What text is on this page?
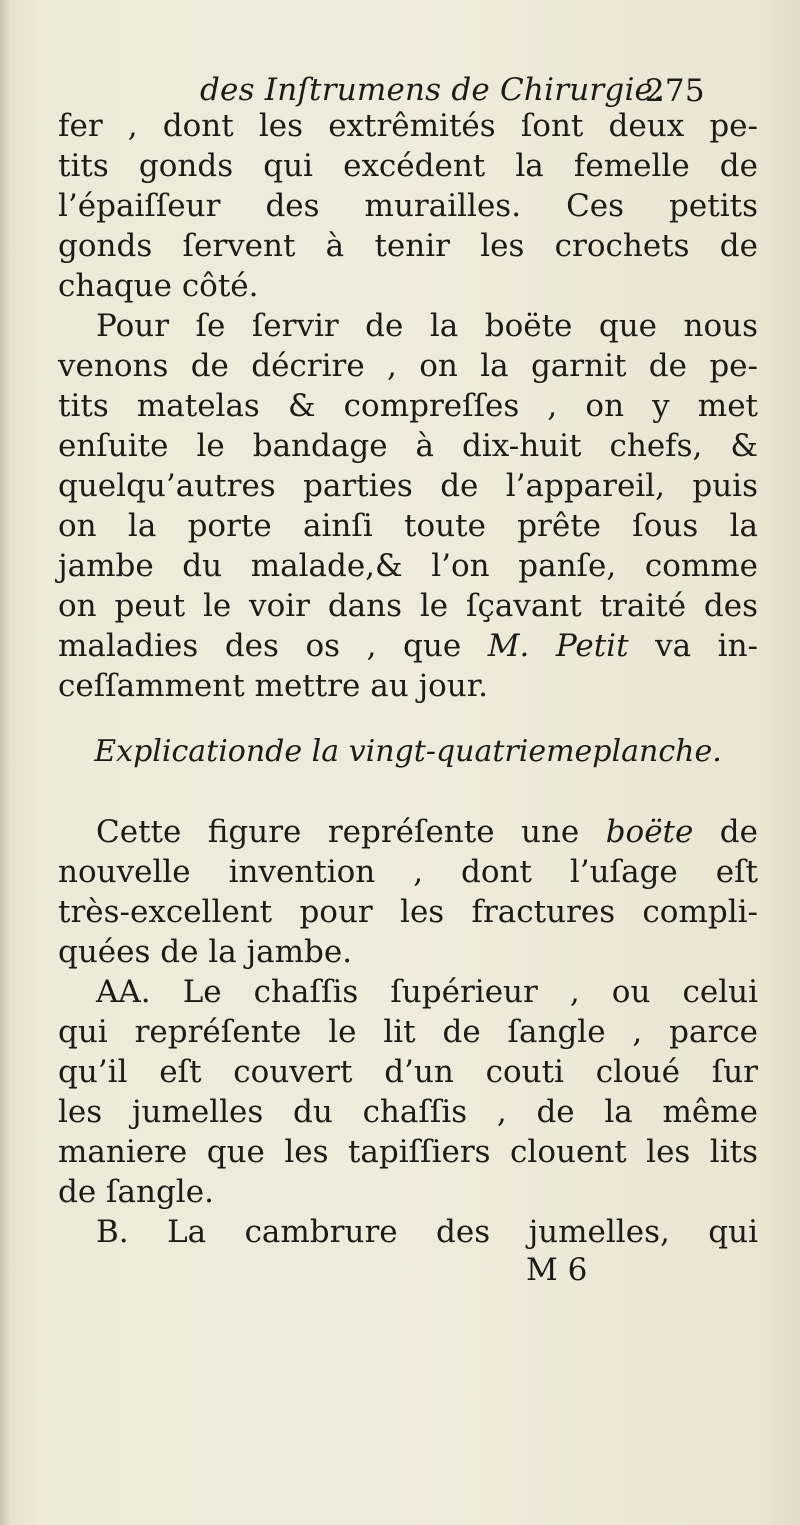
des Inſtrumens de Chirurgie.
275
fer , dont les extrêmités ſont deux pe-
tits gonds qui excédent la femelle de
l’épaiſſeur des murailles. Ces petits
gonds ſervent à tenir les crochets de
chaque côté.
Pour ſe ſervir de la boëte que nous
venons de décrire , on la garnit de pe-
tits matelas & compreſſes , on y met
enſuite le bandage à dix-huit chefs, &
quelqu’autres parties de l’appareil, puis
on la porte ainſi toute prête ſous la
jambe du malade,& l’on panſe, comme
on peut le voir dans le ſçavant traité des
maladies des os , que M. Petit va in-
ceſſamment mettre au jour.
Explicationde la vingt-quatriemeplanche.
Cette figure repréſente une boëte de
nouvelle invention , dont l’uſage eſt
très-excellent pour les fractures compli-
quées de la jambe.
AA. Le chaſſis ſupérieur , ou celui
qui repréſente le lit de ſangle , parce
qu’il eſt couvert d’un couti cloué ſur
les jumelles du chaſſis , de la même
maniere que les tapiſſiers clouent les lits
de ſangle.
B. La cambrure des jumelles, qui
M 6
